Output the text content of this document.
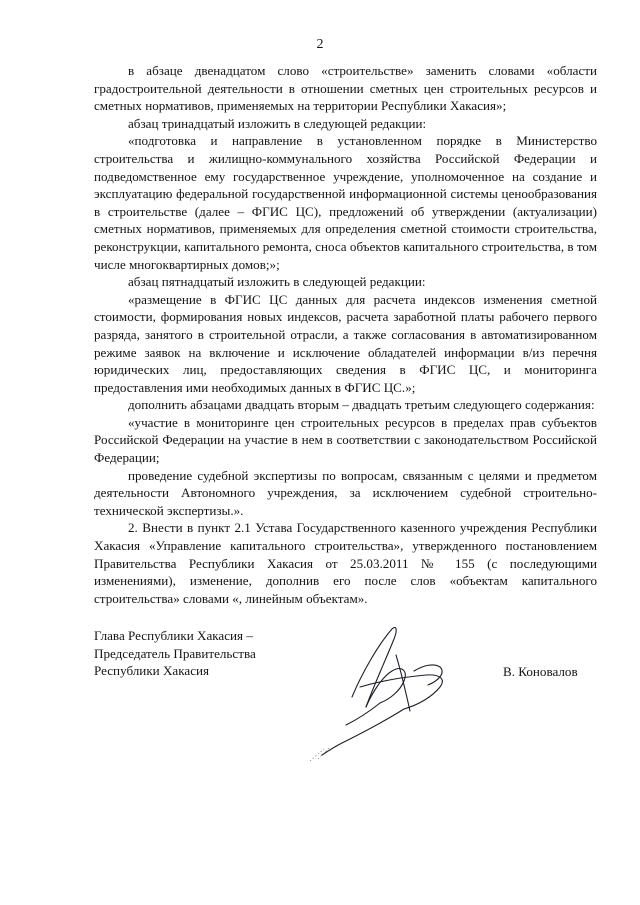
2

в абзаце двенадцатом слово «строительстве» заменить словами «области градостроительной деятельности в отношении сметных цен строительных ресурсов и сметных нормативов, применяемых на территории Республики Хакасия»;

абзац тринадцатый изложить в следующей редакции:

«подготовка и направление в установленном порядке в Министерство строительства и жилищно-коммунального хозяйства Российской Федерации и подведомственное ему государственное учреждение, уполномоченное на создание и эксплуатацию федеральной государственной информационной системы ценообразования в строительстве (далее – ФГИС ЦС), предложений об утверждении (актуализации) сметных нормативов, применяемых для определения сметной стоимости строительства, реконструкции, капитального ремонта, сноса объектов капитального строительства, в том числе многоквартирных домов;»;

абзац пятнадцатый изложить в следующей редакции:

«размещение в ФГИС ЦС данных для расчета индексов изменения сметной стоимости, формирования новых индексов, расчета заработной платы рабочего первого разряда, занятого в строительной отрасли, а также согласования в автоматизированном режиме заявок на включение и исключение обладателей информации в/из перечня юридических лиц, предоставляющих сведения в ФГИС ЦС, и мониторинга предоставления ими необходимых данных в ФГИС ЦС.»;

дополнить абзацами двадцать вторым – двадцать третьим следующего содержания:

«участие в мониторинге цен строительных ресурсов в пределах прав субъектов Российской Федерации на участие в нем в соответствии с законодательством Российской Федерации;

проведение судебной экспертизы по вопросам, связанным с целями и предметом деятельности Автономного учреждения, за исключением судебной строительно-технической экспертизы.».

2. Внести в пункт 2.1 Устава Государственного казенного учреждения Республики Хакасия «Управление капитального строительства», утвержденного постановлением Правительства Республики Хакасия от 25.03.2011 № 155 (с последующими изменениями), изменение, дополнив его после слов «объектам капитального строительства» словами «, линейным объектам».

Глава Республики Хакасия –
Председатель Правительства
Республики Хакасия	В. Коновалов
